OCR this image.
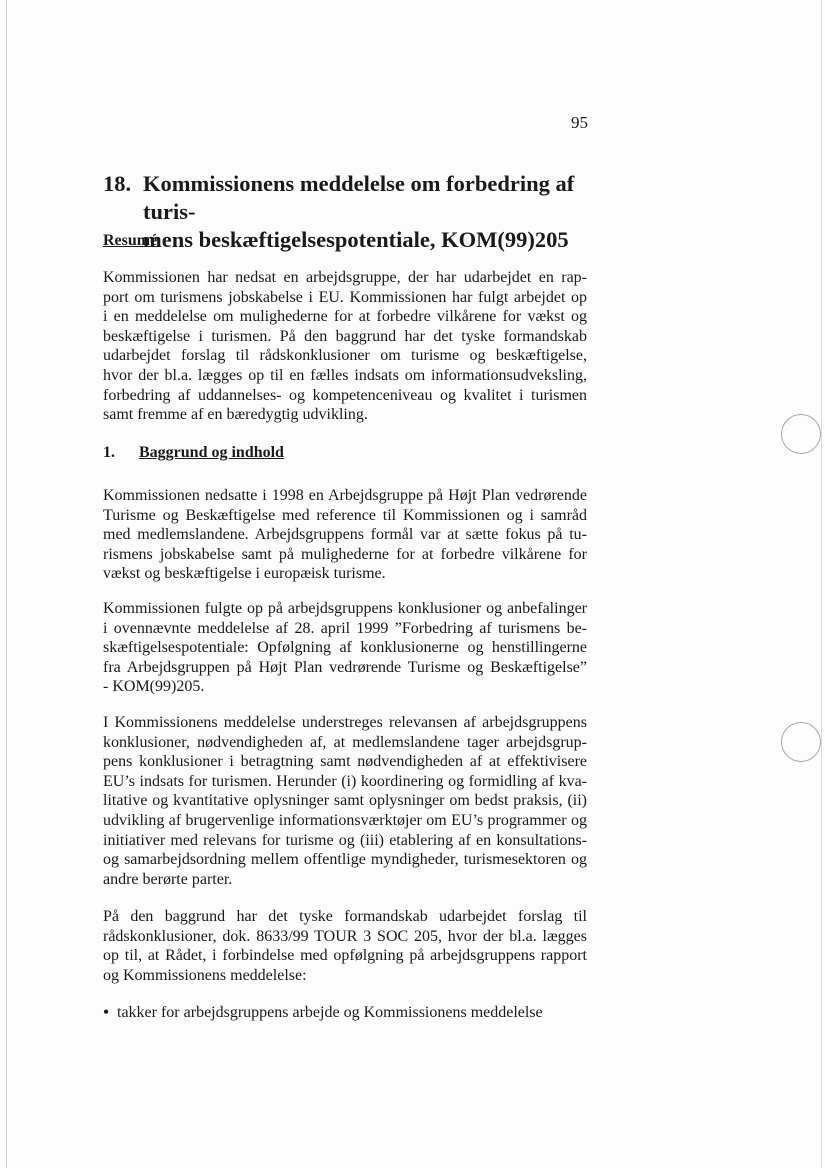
95
18. Kommissionens meddelelse om forbedring af turis-
mens beskæftigelsespotentiale, KOM(99)205
Resumé
Kommissionen har nedsat en arbejdsgruppe, der har udarbejdet en rap-
port om turismens jobskabelse i EU. Kommissionen har fulgt arbejdet op
i en meddelelse om mulighederne for at forbedre vilkårene for vækst og
beskæftigelse i turismen. På den baggrund har det tyske formandskab
udarbejdet forslag til rådskonklusioner om turisme og beskæftigelse,
hvor der bl.a. lægges op til en fælles indsats om informationsudveksling,
forbedring af uddannelses- og kompetenceniveau og kvalitet i turismen
samt fremme af en bæredygtig udvikling.
1. Baggrund og indhold
Kommissionen nedsatte i 1998 en Arbejdsgruppe på Højt Plan vedrørende
Turisme og Beskæftigelse med reference til Kommissionen og i samråd
med medlemslandene. Arbejdsgruppens formål var at sætte fokus på tu-
rismens jobskabelse samt på mulighederne for at forbedre vilkårene for
vækst og beskæftigelse i europæisk turisme.
Kommissionen fulgte op på arbejdsgruppens konklusioner og anbefalinger
i ovennævnte meddelelse af 28. april 1999 ”Forbedring af turismens be-
skæftigelsespotentiale: Opfølgning af konklusionerne og henstillingerne
fra Arbejdsgruppen på Højt Plan vedrørende Turisme og Beskæftigelse”
- KOM(99)205.
I Kommissionens meddelelse understreges relevansen af arbejdsgruppens
konklusioner, nødvendigheden af, at medlemslandene tager arbejdsgrup-
pens konklusioner i betragtning samt nødvendigheden af at effektivisere
EU’s indsats for turismen. Herunder (i) koordinering og formidling af kva-
litative og kvantitative oplysninger samt oplysninger om bedst praksis, (ii)
udvikling af brugervenlige informationsværktøjer om EU’s programmer og
initiativer med relevans for turisme og (iii) etablering af en konsultations-
og samarbejdsordning mellem offentlige myndigheder, turismesektoren og
andre berørte parter.
På den baggrund har det tyske formandskab udarbejdet forslag til
rådskonklusioner, dok. 8633/99 TOUR 3 SOC 205, hvor der bl.a. lægges
op til, at Rådet, i forbindelse med opfølgning på arbejdsgruppens rapport
og Kommissionens meddelelse:
• takker for arbejdsgruppens arbejde og Kommissionens meddelelse
